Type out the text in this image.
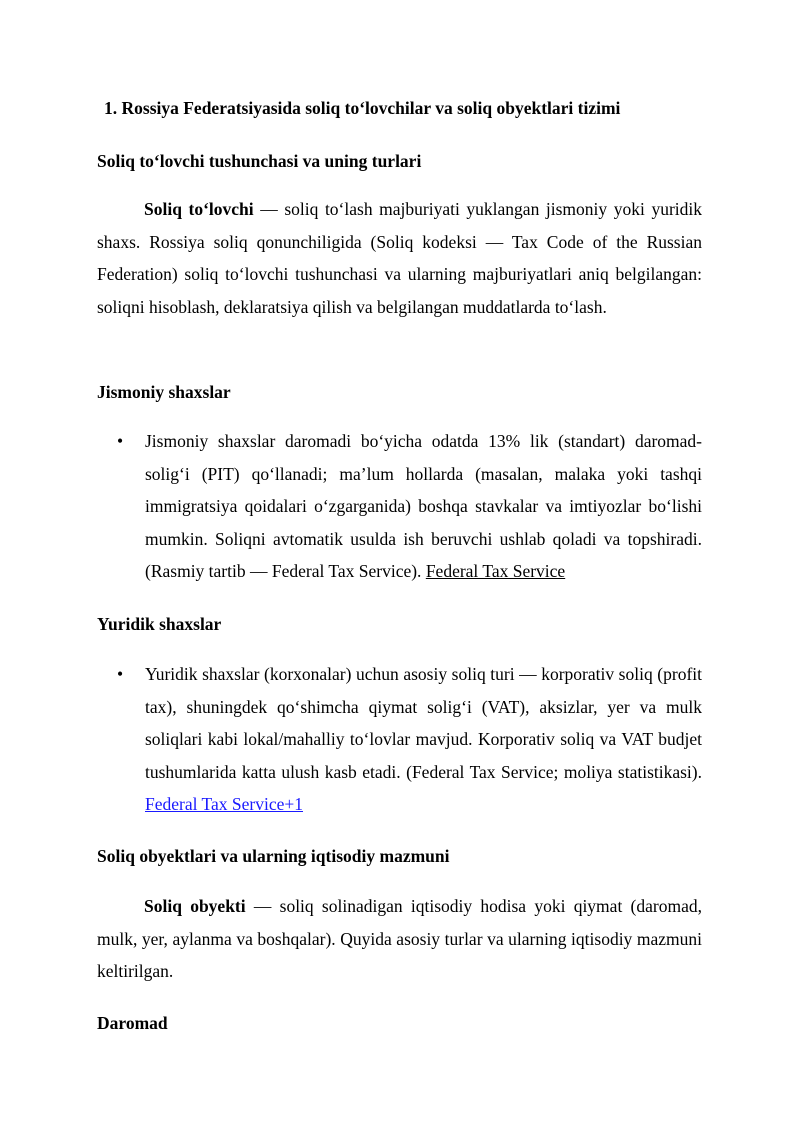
1. Rossiya Federatsiyasida soliq to‘lovchilar va soliq obyektlari tizimi
Soliq to‘lovchi tushunchasi va uning turlari

Soliq to‘lovchi — soliq to‘lash majburiyati yuklangan jismoniy yoki yuridik shaxs. Rossiya soliq qonunchiligida (Soliq kodeksi — Tax Code of the Russian Federation) soliq to‘lovchi tushunchasi va ularning majburiyatlari aniq belgilangan: soliqni hisoblash, deklaratsiya qilish va belgilangan muddatlarda to‘lash.

Jismoniy shaxslar
• Jismoniy shaxslar daromadi bo‘yicha odatda 13% lik (standart) daromad-solig‘i (PIT) qo‘llanadi; ma’lum hollarda (masalan, malaka yoki tashqi immigratsiya qoidalari o‘zgarganida) boshqa stavkalar va imtiyozlar bo‘lishi mumkin. Soliqni avtomatik usulda ish beruvchi ushlab qoladi va topshiradi. (Rasmiy tartib — Federal Tax Service). Federal Tax Service
Yuridik shaxslar
• Yuridik shaxslar (korxonalar) uchun asosiy soliq turi — korporativ soliq (profit tax), shuningdek qo‘shimcha qiymat solig‘i (VAT), aksizlar, yer va mulk soliqlari kabi lokal/mahalliy to‘lovlar mavjud. Korporativ soliq va VAT budjet tushumlarida katta ulush kasb etadi. (Federal Tax Service; moliya statistikasi). Federal Tax Service+1
Soliq obyektlari va ularning iqtisodiy mazmuni

Soliq obyekti — soliq solinadigan iqtisodiy hodisa yoki qiymat (daromad, mulk, yer, aylanma va boshqalar). Quyida asosiy turlar va ularning iqtisodiy mazmuni keltirilgan.

Daromad
